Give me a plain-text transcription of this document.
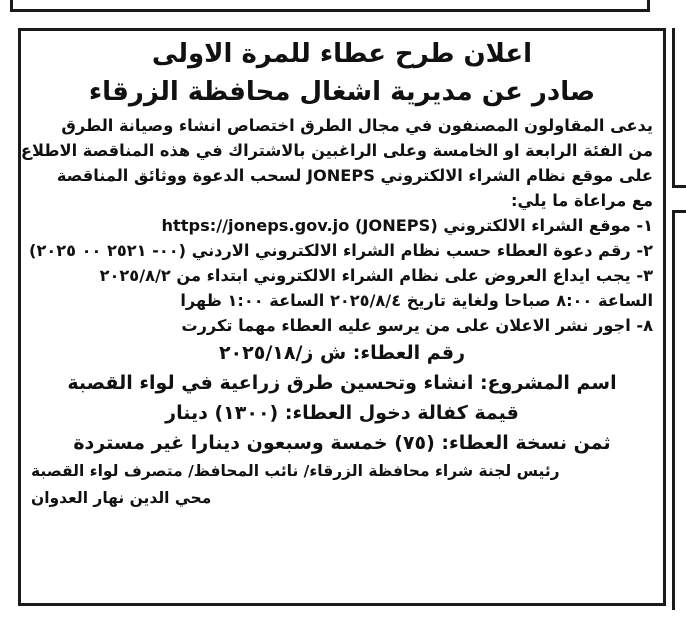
اعلان طرح عطاء للمرة الاولى
صادر عن مديرية اشغال محافظة الزرقاء
يدعى المقاولون المصنفون في مجال الطرق اختصاص انشاء وصيانة الطرق
من الفئة الرابعة او الخامسة وعلى الراغبين بالاشتراك في هذه المناقصة الاطلاع
على موقع نظام الشراء الالكتروني JONEPS لسحب الدعوة ووثائق المناقصة
مع مراعاة ما يلي:
١- موقع الشراء الالكتروني (JONEPS) https://joneps.gov.jo
٢- رقم دعوة العطاء حسب نظام الشراء الالكتروني الاردني (٠٠- ٢٥٢١ ٠٠ ٢٠٢٥)
٣- يجب ايداع العروض على نظام الشراء الالكتروني ابتداء من ٢٠٢٥/٨/٢
الساعة ٨:٠٠ صباحا ولغاية تاريخ ٢٠٢٥/٨/٤ الساعة ١:٠٠ ظهرا
٨- اجور نشر الاعلان على من يرسو عليه العطاء مهما تكررت
رقم العطاء: ش ز/٢٠٢٥/١٨
اسم المشروع: انشاء وتحسين طرق زراعية في لواء القصبة
قيمة كفالة دخول العطاء: (١٣٠٠) دينار
ثمن نسخة العطاء: (٧٥) خمسة وسبعون دينارا غير مستردة
رئيس لجنة شراء محافظة الزرقاء/ نائب المحافظ/ متصرف لواء القصبة
محي الدين نهار العدوان
